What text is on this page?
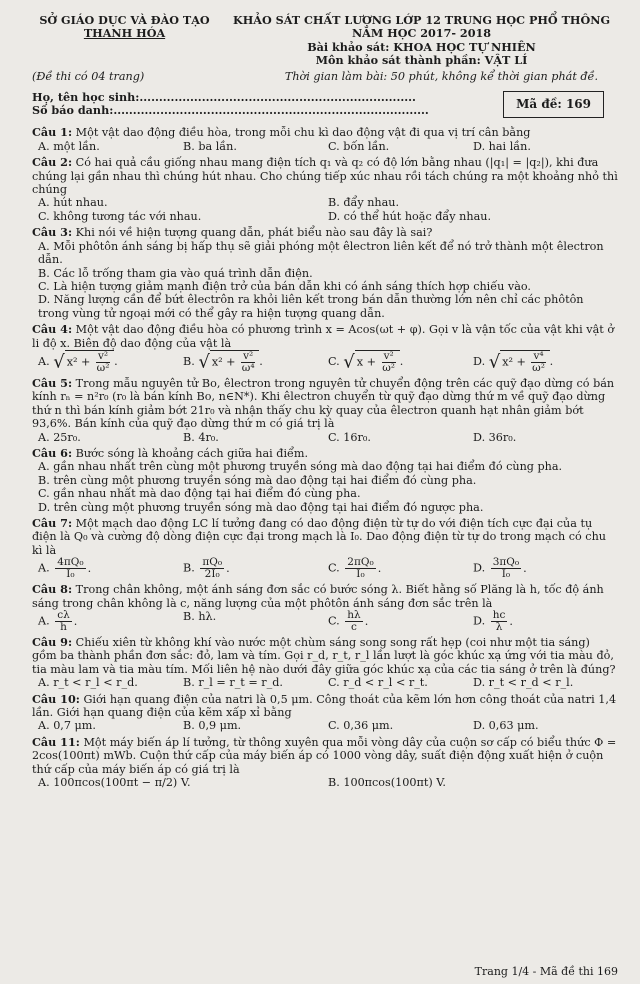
SỞ GIÁO DỤC VÀ ĐÀO TẠO
THANH HÓA
KHẢO SÁT CHẤT LƯỢNG LỚP 12 TRUNG HỌC PHỔ THÔNG
NĂM HỌC 2017- 2018
Bài khảo sát: KHOA HỌC TỰ NHIÊN
Môn khảo sát thành phần: VẬT LÍ
(Đề thi có 04 trang)	Thời gian làm bài: 50 phút, không kể thời gian phát đề.
Họ, tên học sinh:.......................................................................
Số báo danh:.................................................................................	Mã đề: 169
Câu 1: Một vật dao động điều hòa, trong mỗi chu kì dao động vật đi qua vị trí cân bằng
A. một lần.	B. ba lần.	C. bốn lần.	D. hai lần.
Câu 2: Có hai quả cầu giống nhau mang điện tích q₁ và q₂ có độ lớn bằng nhau (|q₁| = |q₂|), khi đưa chúng lại gần nhau thì chúng hút nhau. Cho chúng tiếp xúc nhau rồi tách chúng ra một khoảng nhỏ thì chúng
A. hút nhau.	B. đẩy nhau.
C. không tương tác với nhau.	D. có thể hút hoặc đẩy nhau.
Câu 3: Khi nói về hiện tượng quang dẫn, phát biểu nào sau đây là sai?
A. Mỗi phôtôn ánh sáng bị hấp thụ sẽ giải phóng một êlectron liên kết để nó trở thành một êlectron dẫn.
B. Các lỗ trống tham gia vào quá trình dẫn điện.
C. Là hiện tượng giảm mạnh điện trở của bán dẫn khi có ánh sáng thích hợp chiếu vào.
D. Năng lượng cần để bứt êlectrôn ra khỏi liên kết trong bán dẫn thường lớn nên chỉ các phôtôn trong vùng tử ngoại mới có thể gây ra hiện tượng quang dẫn.
Câu 4: Một vật dao động điều hòa có phương trình x = Acos(ωt + φ). Gọi v là vận tốc của vật khi vật ở li độ x. Biên độ dao động của vật là
A. √ $x^2 + \frac{\text{v²}}{\text{ω²}}$ .	B. √ $x^2 + \frac{\text{v²}}{\text{ω⁴}}$ .	C. √ $x + \frac{\text{v²}}{\text{ω²}}$ .	D. √ $x^2 + \frac{\text{v⁴}}{\text{ω²}}$ .
Câu 5: Trong mẫu nguyên tử Bo, êlectron trong nguyên tử chuyển động trên các quỹ đạo dừng có bán kính rₙ = n²r₀ (r₀ là bán kính Bo, n∈N*). Khi êlectron chuyển từ quỹ đạo dừng thứ m về quỹ đạo dừng thứ n thì bán kính giảm bớt 21r₀ và nhận thấy chu kỳ quay của êlectron quanh hạt nhân giảm bớt 93,6%. Bán kính của quỹ đạo dừng thứ m có giá trị là
A. 25r₀.	B. 4r₀.	C. 16r₀.	D. 36r₀.
Câu 6: Bước sóng là khoảng cách giữa hai điểm.
A. gần nhau nhất trên cùng một phương truyền sóng mà dao động tại hai điểm đó cùng pha.
B. trên cùng một phương truyền sóng mà dao động tại hai điểm đó cùng pha.
C. gần nhau nhất mà dao động tại hai điểm đó cùng pha.
D. trên cùng một phương truyền sóng mà dao động tại hai điểm đó ngược pha.
Câu 7: Một mạch dao động LC lí tưởng đang có dao động điện từ tự do với điện tích cực đại của tụ điện là Q₀ và cường độ dòng điện cực đại trong mạch là I₀. Dao động điện từ tự do trong mạch có chu kì là
A. $\frac{\text{4πQ₀}}{\text{I₀}}$ .	B. $\frac{\text{πQ₀}}{\text{2I₀}}$ .	C. $\frac{\text{2πQ₀}}{\text{I₀}}$ .	D. $\frac{\text{3πQ₀}}{\text{I₀}}$ .
Câu 8: Trong chân không, một ánh sáng đơn sắc có bước sóng λ. Biết hằng số Plăng là h, tốc độ ánh sáng trong chân không là c, năng lượng của một phôtôn ánh sáng đơn sắc trên là
A. $\frac{c\lambda}{h}$ .	B. hλ.	C. $\frac{h\lambda}{c}$ .	D. $\frac{hc}{\lambda}$ .
Câu 9: Chiếu xiên từ không khí vào nước một chùm sáng song song rất hẹp (coi như một tia sáng) gồm ba thành phần đơn sắc: đỏ, lam và tím. Gọi r_d, r_t, r_l lần lượt là góc khúc xạ ứng với tia màu đỏ, tia màu lam và tia màu tím. Mối liên hệ nào dưới đây giữa góc khúc xạ của các tia sáng ở trên là đúng?
A. r_t < r_l < r_d.	B. r_l = r_t = r_d.	C. r_d < r_l < r_t.	D. r_t < r_d < r_l.
Câu 10: Giới hạn quang điện của natri là 0,5 μm. Công thoát của kẽm lớn hơn công thoát của natri 1,4 lần. Giới hạn quang điện của kẽm xấp xỉ bằng
A. 0,7 μm.	B. 0,9 μm.	C. 0,36 μm.	D. 0,63 μm.
Câu 11: Một máy biến áp lí tưởng, từ thông xuyên qua mỗi vòng dây của cuộn sơ cấp có biểu thức Φ = 2cos(100πt) mWb. Cuộn thứ cấp của máy biến áp có 1000 vòng dây, suất điện động xuất hiện ở cuộn thứ cấp của máy biến áp có giá trị là
A. 100πcos(100πt − π/2) V.	B. 100πcos(100πt) V.
Trang 1/4 - Mã đề thi 169
